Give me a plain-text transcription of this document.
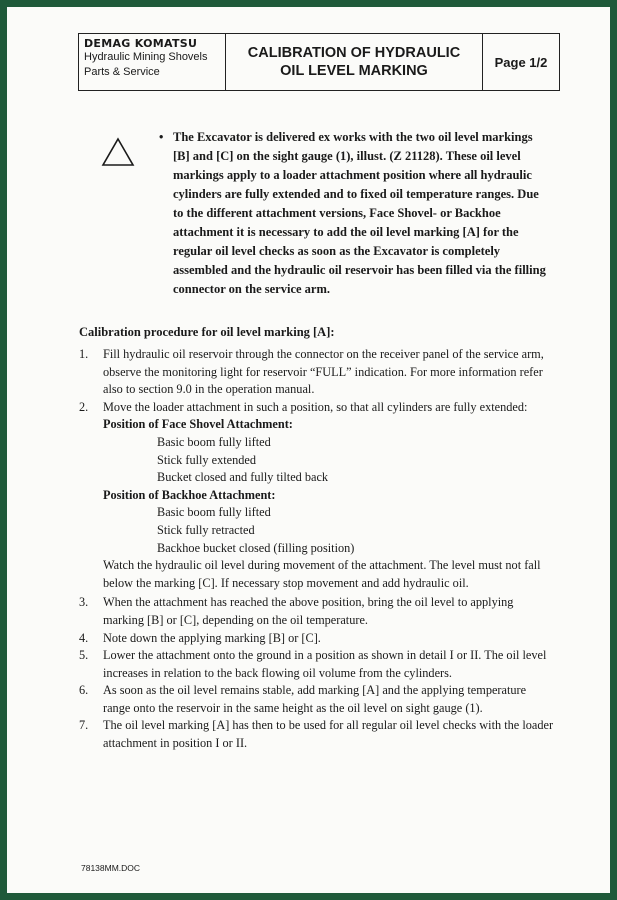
DEMAG KOMATSU
Hydraulic Mining Shovels
Parts & Service
CALIBRATION OF HYDRAULIC
OIL LEVEL MARKING
Page 1/2
• The Excavator is delivered ex works with the two oil level markings [B] and [C] on the sight gauge (1), illust. (Z 21128). These oil level markings apply to a loader attachment position where all hydraulic cylinders are fully extended and to fixed oil temperature ranges. Due to the different attachment versions, Face Shovel- or Backhoe attachment it is necessary to add the oil level marking [A] for the regular oil level checks as soon as the Excavator is completely assembled and the hydraulic oil reservoir has been filled via the filling connector on the service arm.
Calibration procedure for oil level marking [A]:
1. Fill hydraulic oil reservoir through the connector on the receiver panel of the service arm, observe the monitoring light for reservoir “FULL” indication. For more information refer also to section 9.0 in the operation manual.
2. Move the loader attachment in such a position, so that all cylinders are fully extended:
Position of Face Shovel Attachment:
Basic boom fully lifted
Stick fully extended
Bucket closed and fully tilted back
Position of Backhoe Attachment:
Basic boom fully lifted
Stick fully retracted
Backhoe bucket closed (filling position)
Watch the hydraulic oil level during movement of the attachment. The level must not fall below the marking [C]. If necessary stop movement and add hydraulic oil.
3. When the attachment has reached the above position, bring the oil level to applying marking [B] or [C], depending on the oil temperature.
4. Note down the applying marking [B] or [C].
5. Lower the attachment onto the ground in a position as shown in detail I or II. The oil level increases in relation to the back flowing oil volume from the cylinders.
6. As soon as the oil level remains stable, add marking [A] and the applying temperature range onto the reservoir in the same height as the oil level on sight gauge (1).
7. The oil level marking [A] has then to be used for all regular oil level checks with the loader attachment in position I or II.
78138MM.DOC
